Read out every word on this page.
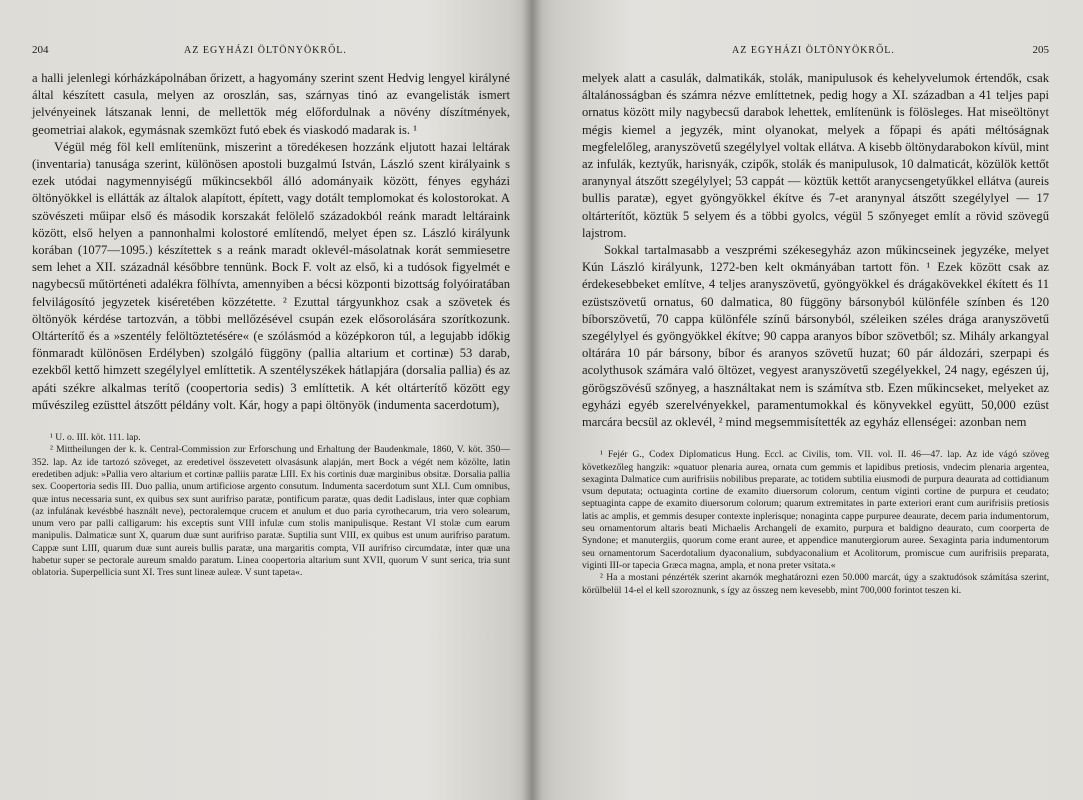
204	AZ EGYHÁZI ÖLTÖNYÖKRŐL.

a halli jelenlegi kórházkápolnában őrizett, a hagyomány szerint szent Hedvig lengyel királyné által készített casula, melyen az oroszlán, sas, szárnyas tinó az evangelisták ismert jelvényeinek látszanak lenni, de mellettök még előfordulnak a növény díszítmények, geometriai alakok, egymásnak szemközt futó ebek és viaskodó madarak is. ¹

Végül még föl kell említenünk, miszerint a töredékesen hozzánk eljutott hazai leltárak (inventaria) tanusága szerint, különösen apostoli buzgalmú István, László szent királyaink s ezek utódai nagymennyiségű műkincsekből álló adományaik között, fényes egyházi öltönyökkel is ellátták az általok alapított, épített, vagy dotált templomokat és kolostorokat. A szövészeti műipar első és második korszakát felölelő századokból reánk maradt leltáraink között, első helyen a pannonhalmi kolostoré említendő, melyet épen sz. László királyunk korában (1077—1095.) készítettek s a reánk maradt oklevél-másolatnak korát semmiesetre sem lehet a XII. századnál későbbre tennünk. Bock F. volt az első, ki a tudósok figyelmét e nagybecsű műtörténeti adalékra fölhívta, amennyiben a bécsi központi bizottság folyóiratában felvilágosító jegyzetek kiséretében közzétette. ² Ezuttal tárgyunkhoz csak a szövetek és öltönyök kérdése tartozván, a többi mellőzésével csupán ezek elősorolására szorítkozunk. Oltárterítő és a »szentély felöltöztetésére« (e szólásmód a középkoron túl, a legujabb időkig fönmaradt különösen Erdélyben) szolgáló függöny (pallia altarium et cortinæ) 53 darab, ezekből kettő himzett szegélylyel említtetik. A szentélyszékek hátlapjára (dorsalia pallia) és az apáti székre alkalmas terítő (coopertoria sedis) 3 említtetik. A két oltárterítő között egy művészileg ezüsttel átszőtt példány volt. Kár, hogy a papi öltönyök (indumenta sacerdotum),

¹ U. o. III. köt. 111. lap.

² Mittheilungen der k. k. Central-Commission zur Erforschung und Erhaltung der Baudenkmale, 1860, V. köt. 350—352. lap. Az ide tartozó szöveget, az eredetivel összevetett olvasásunk alapján, mert Bock a végét nem közölte, latin eredetiben adjuk: »Pallia vero altarium et cortinæ palliis paratæ LIII. Ex his cortinis duæ marginibus obsitæ. Dorsalia pallia sex. Coopertoria sedis III. Duo pallia, unum artificiose argento consutum. Indumenta sacerdotum sunt XLI. Cum omnibus, quæ intus necessaria sunt, ex quibus sex sunt aurifriso paratæ, pontificum paratæ, quas dedit Ladislaus, inter quæ cophiam (az infulának kevésbbé használt neve), pectoralemque crucem et anulum et duo paria cyrothecarum, tria vero solearum, unum vero par palli calligarum: his exceptis sunt VIII infulæ cum stolis manipulisque. Restant VI stolæ cum earum manipulis. Dalmaticæ sunt X, quarum duæ sunt aurifriso paratæ. Suptilia sunt VIII, ex quibus est unum aurifriso paratum. Cappæ sunt LIII, quarum duæ sunt aureis bullis paratæ, una margaritis compta, VII aurifriso circumdatæ, inter quæ una habetur super se pectorale aureum smaldo paratum. Linea coopertoria altarium sunt XVII, quorum V sunt serica, tria sunt oblatoria. Superpellicia sunt XI. Tres sunt lineæ auleæ. V sunt tapeta«.

AZ EGYHÁZI ÖLTÖNYÖKRŐL.	205

melyek alatt a casulák, dalmatikák, stolák, manipulusok és kehelyvelumok értendők, csak általánosságban és számra nézve említtetnek, pedig hogy a XI. században a 41 teljes papi ornatus között mily nagybecsű darabok lehettek, említenünk is fölösleges. Hat miseöltönyt mégis kiemel a jegyzék, mint olyanokat, melyek a főpapi és apáti méltóságnak megfelelőleg, aranyszövetű szegélylyel voltak ellátva. A kisebb öltönydarabokon kívül, mint az infulák, keztyűk, harisnyák, czipők, stolák és manipulusok, 10 dalmaticát, közülök kettőt aranynyal átszőtt szegélylyel; 53 cappát — köztük kettőt aranycsengetyűkkel ellátva (aureis bullis paratæ), egyet gyöngyökkel ékítve és 7-et aranynyal átszőtt szegélylyel — 17 oltárterítőt, köztük 5 selyem és a többi gyolcs, végül 5 szőnyeget említ a rövid szövegű lajstrom.

Sokkal tartalmasabb a veszprémi székesegyház azon műkincseinek jegyzéke, melyet Kún László királyunk, 1272-ben kelt okmányában tartott fön. ¹ Ezek között csak az érdekesebbeket említve, 4 teljes aranyszövetű, gyöngyökkel és drágakövekkel ékített és 11 ezüstszövetű ornatus, 60 dalmatica, 80 függöny bársonyból különféle színben és 120 bíborszövetű, 70 cappa különféle színű bársonyból, széleiken széles drága aranyszövetű szegélylyel és gyöngyökkel ékítve; 90 cappa aranyos bíbor szövetből; sz. Mihály arkangyal oltárára 10 pár bársony, bíbor és aranyos szövetű huzat; 60 pár áldozári, szerpapi és acolythusok számára való öltözet, vegyest aranyszövetű szegélyekkel, 24 nagy, egészen új, görögszövésű szőnyeg, a használtakat nem is számítva stb. Ezen műkincseket, melyeket az egyházi egyéb szerelvényekkel, paramentumokkal és könyvekkel együtt, 50,000 ezüst marcára becsül az oklevél, ² mind megsemmisítették az egyház ellenségei: azonban nem

¹ Fejér G., Codex Diplomaticus Hung. Eccl. ac Civilis, tom. VII. vol. II. 46—47. lap. Az ide vágó szöveg következőleg hangzik: »quatuor plenaria aurea, ornata cum gemmis et lapidibus pretiosis, vndecim plenaria argentea, sexaginta Dalmatice cum aurifrisiis nobilibus preparate, ac totidem subtilia eiusmodi de purpura deaurata ad cottidianum vsum deputata; octuaginta cortine de examito diuersorum colorum, centum viginti cortine de purpura et ceudato; septuaginta cappe de examito diuersorum colorum; quarum extremitates in parte exteriori erant cum aurifrisiis pretiosis latis ac amplis, et gemmis desuper contexte inplerisque; nonaginta cappe purpuree deaurate, decem paria indumentorum, seu ornamentorum altaris beati Michaelis Archangeli de examito, purpura et baldigno deaurato, cum coorperta de Syndone; et manutergiis, quorum come erant auree, et appendice manutergiorum auree. Sexaginta paria indumentorum seu ornamentorum Sacerdotalium dyaconalium, subdyaconalium et Acolitorum, promiscue cum aurifrisiis preparata, viginti III-or tapecia Græca magna, ampla, et nona preter vsitata.«

² Ha a mostani pénzérték szerint akarnók meghatározni ezen 50.000 marcát, úgy a szaktudósok számítása szerint, körülbelül 14-el el kell szoroznunk, s így az összeg nem kevesebb, mint 700,000 forintot teszen ki.
